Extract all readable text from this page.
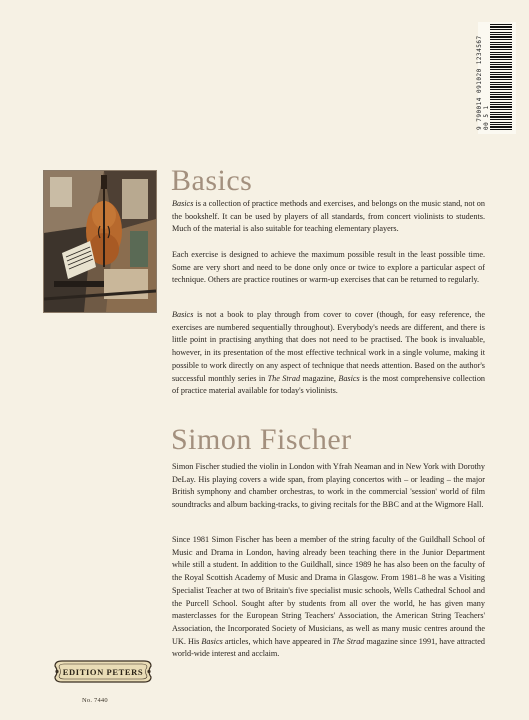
9 790014 091020 1234567 00 5 1
Basics

Basics is a collection of practice methods and exercises, and belongs on the music stand, not on the bookshelf. It can be used by players of all standards, from concert violinists to students. Much of the material is also suitable for teaching elementary players.

Each exercise is designed to achieve the maximum possible result in the least possible time. Some are very short and need to be done only once or twice to explore a particular aspect of technique. Others are practice routines or warm-up exercises that can be returned to regularly.

Basics is not a book to play through from cover to cover (though, for easy reference, the exercises are numbered sequentially throughout). Everybody's needs are different, and there is little point in practising anything that does not need to be practised. The book is invaluable, however, in its presentation of the most effective technical work in a single volume, making it possible to work directly on any aspect of technique that needs attention. Based on the author's successful monthly series in The Strad magazine, Basics is the most comprehensive collection of practice material available for today's violinists.

Simon Fischer

Simon Fischer studied the violin in London with Yfrah Neaman and in New York with Dorothy DeLay. His playing covers a wide span, from playing concertos with – or leading – the major British symphony and chamber orchestras, to work in the commercial 'session' world of film soundtracks and album backing-tracks, to giving recitals for the BBC and at the Wigmore Hall.

Since 1981 Simon Fischer has been a member of the string faculty of the Guildhall School of Music and Drama in London, having already been teaching there in the Junior Department while still a student. In addition to the Guildhall, since 1989 he has also been on the faculty of the Royal Scottish Academy of Music and Drama in Glasgow. From 1981–8 he was a Visiting Specialist Teacher at two of Britain's five specialist music schools, Wells Cathedral School and the Purcell School. Sought after by students from all over the world, he has given many masterclasses for the European String Teachers' Association, the American String Teachers' Association, the Incorporated Society of Musicians, as well as many music centres around the UK. His Basics articles, which have appeared in The Strad magazine since 1991, have attracted world-wide interest and acclaim.

EDITION PETERS
No. 7440
